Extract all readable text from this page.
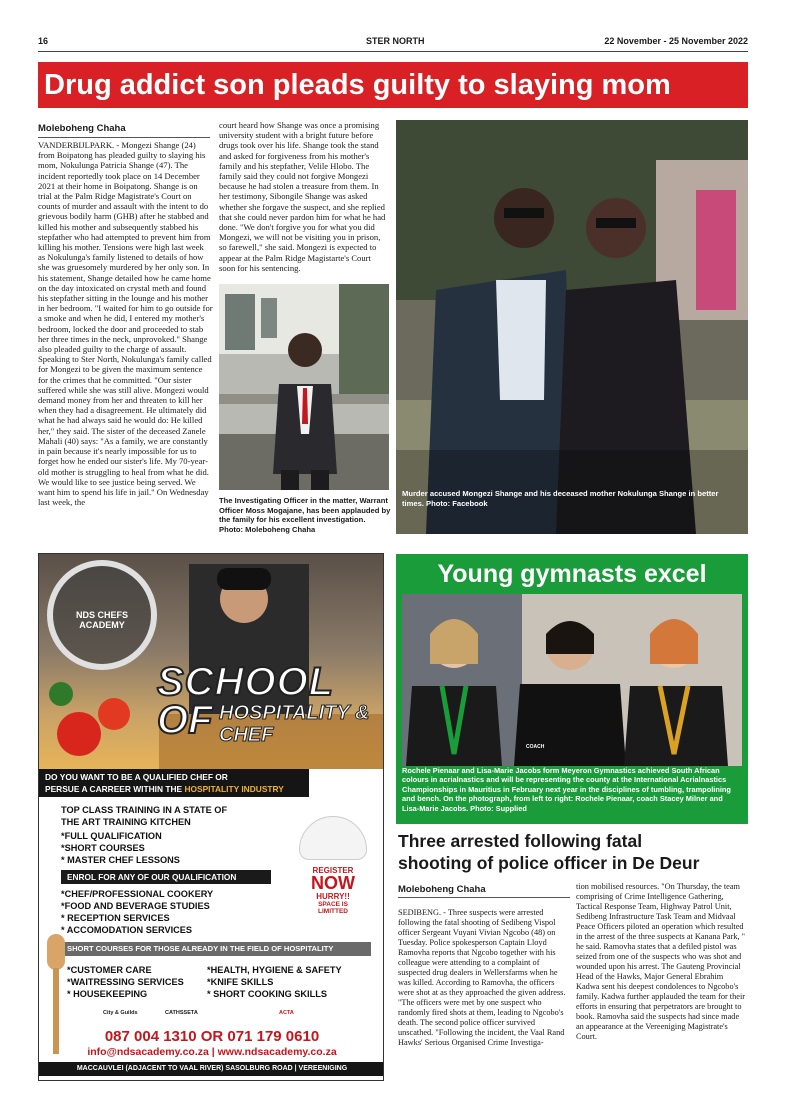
16	STER NORTH	22 November - 25 November 2022
Drug addict son pleads guilty to slaying mom
Moleboheng Chaha

VANDERBIJLPARK. - Mongezi Shange (24) from Boipatong has pleaded guilty to slaying his mom, Nokulunga Patricia Shange (47). The incident reportedly took place on 14 December 2021 at their home in Boipatong. Shange is on trial at the Palm Ridge Magistrate's Court on counts of murder and assault with the intent to do grievous bodily harm (GHB) after he stabbed and killed his mother and subsequently stabbed his stepfather who had attempted to prevent him from killing his mother. Tensions were high last week as Nokulunga's family listened to details of how she was gruesomely murdered by her only son. In his statement, Shange detailed how he came home on the day intoxicated on crystal meth and found his stepfather sitting in the lounge and his mother in her bedroom. "I waited for him to go outside for a smoke and when he did, I entered my mother's bedroom, locked the door and proceeded to stab her three times in the neck, unprovoked." Shange also pleaded guilty to the charge of assault. Speaking to Ster North, Nokulunga's family called for Mongezi to be given the maximum sentence for the crimes that he committed. "Our sister suffered while she was still alive. Mongezi would demand money from her and threaten to kill her when they had a disagreement. He ultimately did what he had always said he would do: He killed her," they said. The sister of the deceased Zanele Mahali (40) says: "As a family, we are constantly in pain because it's nearly impossible for us to forget how he ended our sister's life. My 70-year-old mother is struggling to heal from what he did. We would like to see justice being served. We want him to spend his life in jail." On Wednesday last week, the

court heard how Shange was once a promising university student with a bright future before drugs took over his life. Shange took the stand and asked for forgiveness from his mother's family and his stepfather, Velile Hlobo. The family said they could not forgive Mongezi because he had stolen a treasure from them. In her testimony, Sibongile Shange was asked whether she forgave the suspect, and she replied that she could never pardon him for what he had done. "We don't forgive you for what you did Mongezi, we will not be visiting you in prison, so farewell," she said. Mongezi is expected to appear at the Palm Ridge Magistarte's Court soon for his sentencing.

The Investigating Officer in the matter, Warrant Officer Moss Mogajane, has been applauded by the family for his excellent investigation. Photo: Moleboheng Chaha
Murder accused Mongezi Shange and his deceased mother Nokulunga Shange in better times. Photo: Facebook
NDS CHEFS ACADEMY
SCHOOL
OF HOSPITALITY &
CHEF
DO YOU WANT TO BE A QUALIFIED CHEF OR
PERSUE A CARREER WITHIN THE HOSPITALITY INDUSTRY
TOP CLASS TRAINING IN A STATE OF
THE ART TRAINING KITCHEN
*FULL QUALIFICATION
*SHORT COURSES
* MASTER CHEF LESSONS
ENROL FOR ANY OF OUR QUALIFICATION
*CHEF/PROFESSIONAL COOKERY
*FOOD AND BEVERAGE STUDIES
* RECEPTION SERVICES
* ACCOMODATION SERVICES
REGISTER
NOW
HURRY!!
SPACE IS
LIMITTED
SHORT COURSES FOR THOSE ALREADY IN THE FIELD OF HOSPITALITY
*CUSTOMER CARE
*WAITRESSING SERVICES
* HOUSEKEEPING
*HEALTH, HYGIENE & SAFETY
*KNIFE SKILLS
* SHORT COOKING SKILLS
City & Guilds	CATHSSETA	ACTA
087 004 1310 OR 071 179 0610
info@ndsacademy.co.za | www.ndsacademy.co.za
MACCAUVLEI (ADJACENT TO VAAL RIVER) SASOLBURG ROAD | VEREENIGING
Young gymnasts excel
COACH
Rochele Pienaar and Lisa-Marie Jacobs form Meyeron Gymnastics achieved South African colours in acrialnastics and will be representing the county at the International Acrialnastics Championships in Mauritius in February next year in the disciplines of tumbling, trampolining and bench. On the photograph, from left to right: Rochele Pienaar, coach Stacey Milner and Lisa-Marie Jacobs. Photo: Supplied
Three arrested following fatal
shooting of police officer in De Deur
Moleboheng Chaha

SEDIBENG. - Three suspects were arrested following the fatal shooting of Sedibeng Vispol officer Sergeant Vuyani Vivian Ngcobo (48) on Tuesday. Police spokesperson Captain Lloyd Ramovha reports that Ngcobo together with his colleague were attending to a complaint of suspected drug dealers in Wellersfarms when he was killed. According to Ramovha, the officers were shot at as they approached the given address. "The officers were met by one suspect who randomly fired shots at them, leading to Ngcobo's death. The second police officer survived unscathed. "Following the incident, the Vaal Rand Hawks' Serious Organised Crime Investiga-

tion mobilised resources. "On Thursday, the team comprising of Crime Intelligence Gathering, Tactical Response Team, Highway Patrol Unit, Sedibeng Infrastructure Task Team and Midvaal Peace Officers piloted an operation which resulted in the arrest of the three suspects at Kanana Park, " he said. Ramovha states that a defiled pistol was seized from one of the suspects who was shot and wounded upon his arrest. The Gauteng Provincial Head of the Hawks, Major General Ebrahim Kadwa sent his deepest condolences to Ngcobo's family. Kadwa further applauded the team for their efforts in ensuring that perpetrators are brought to book. Ramovha said the suspects had since made an appearance at the Vereeniging Magistrate's Court.
